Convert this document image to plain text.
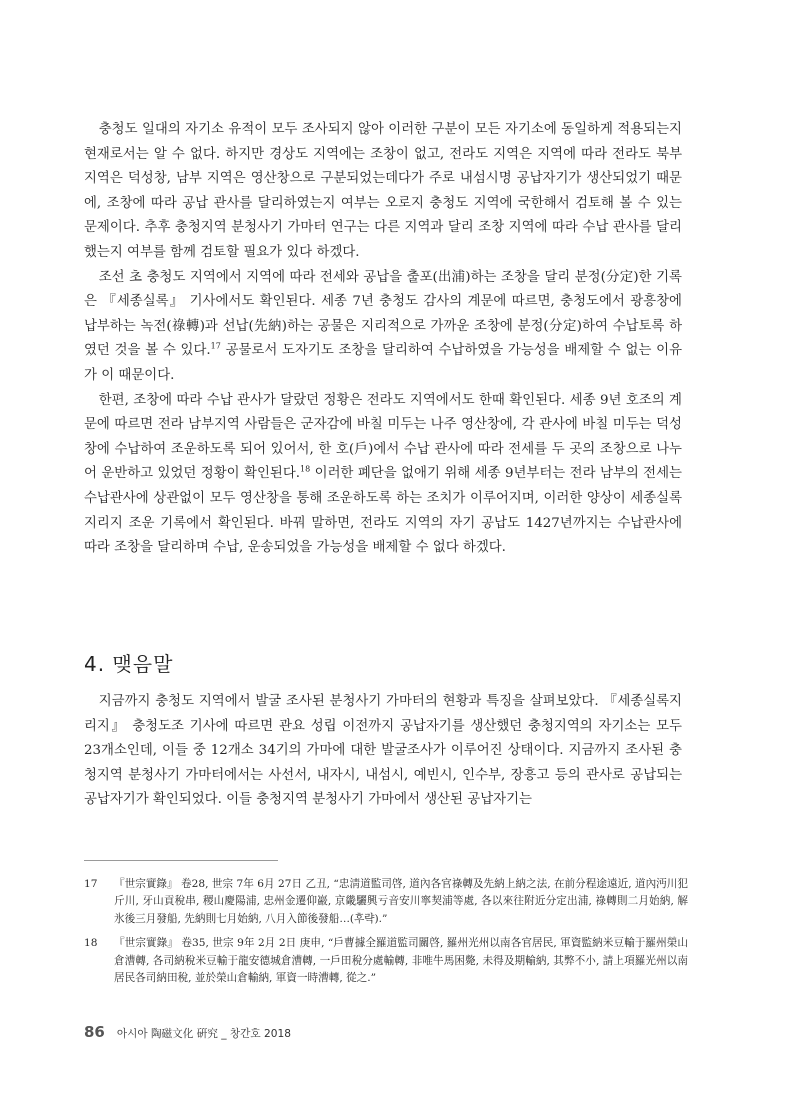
충청도 일대의 자기소 유적이 모두 조사되지 않아 이러한 구분이 모든 자기소에 동일하게 적용되는지 현재로서는 알 수 없다. 하지만 경상도 지역에는 조창이 없고, 전라도 지역은 지역에 따라 전라도 북부 지역은 덕성창, 남부 지역은 영산창으로 구분되었는데다가 주로 내섬시명 공납자기가 생산되었기 때문에, 조창에 따라 공납 관사를 달리하였는지 여부는 오로지 충청도 지역에 국한해서 검토해 볼 수 있는 문제이다. 추후 충청지역 분청사기 가마터 연구는 다른 지역과 달리 조창 지역에 따라 수납 관사를 달리했는지 여부를 함께 검토할 필요가 있다 하겠다.

조선 초 충청도 지역에서 지역에 따라 전세와 공납을 출포(出浦)하는 조창을 달리 분정(分定)한 기록은 『세종실록』 기사에서도 확인된다. 세종 7년 충청도 감사의 계문에 따르면, 충청도에서 광흥창에 납부하는 녹전(祿轉)과 선납(先納)하는 공물은 지리적으로 가까운 조창에 분정(分定)하여 수납토록 하였던 것을 볼 수 있다.$^{17}$ 공물로서 도자기도 조창을 달리하여 수납하였을 가능성을 배제할 수 없는 이유가 이 때문이다.

한편, 조창에 따라 수납 관사가 달랐던 정황은 전라도 지역에서도 한때 확인된다. 세종 9년 호조의 계문에 따르면 전라 남부지역 사람들은 군자감에 바칠 미두는 나주 영산창에, 각 관사에 바칠 미두는 덕성창에 수납하여 조운하도록 되어 있어서, 한 호(戶)에서 수납 관사에 따라 전세를 두 곳의 조창으로 나누어 운반하고 있었던 정황이 확인된다.$^{18}$ 이러한 폐단을 없애기 위해 세종 9년부터는 전라 남부의 전세는 수납관사에 상관없이 모두 영산창을 통해 조운하도록 하는 조치가 이루어지며, 이러한 양상이 세종실록 지리지 조운 기록에서 확인된다. 바꿔 말하면, 전라도 지역의 자기 공납도 1427년까지는 수납관사에 따라 조창을 달리하며 수납, 운송되었을 가능성을 배제할 수 없다 하겠다.

4. 맺음말

지금까지 충청도 지역에서 발굴 조사된 분청사기 가마터의 현황과 특징을 살펴보았다. 『세종실록지리지』 충청도조 기사에 따르면 관요 성립 이전까지 공납자기를 생산했던 충청지역의 자기소는 모두 23개소인데, 이들 중 12개소 34기의 가마에 대한 발굴조사가 이루어진 상태이다. 지금까지 조사된 충청지역 분청사기 가마터에서는 사선서, 내자시, 내섬시, 예빈시, 인수부, 장흥고 등의 관사로 공납되는 공납자기가 확인되었다. 이들 충청지역 분청사기 가마에서 생산된 공납자기는

17	『世宗實錄』 卷28, 世宗 7年 6月 27日 乙丑, “忠淸道監司啓, 道內各官祿轉及先納上納之法, 在前分程途遠近, 道內沔川犯斤川, 牙山貢稅串, 稷山慶陽浦, 忠州金遷仰巖, 京畿驪興亏音安川寧契浦等處, 各以來往附近分定出浦, 祿轉則二月始納, 解氷後三月發船, 先納則七月始納, 八月入節後發船…(후략).”
18	『世宗實錄』 卷35, 世宗 9年 2月 2日 庚申, “戶曹據全羅道監司關啓, 羅州光州以南各官居民, 軍資監納米豆輸于羅州榮山倉漕轉, 各司納稅米豆輸于龍安德城倉漕轉, 一戶田稅分處輸轉, 非唯牛馬困斃, 未得及期輸納, 其弊不小, 請上項羅光州以南居民各司納田稅, 並於榮山倉輸納, 軍資一時漕轉, 從之.”
86 아시아 陶磁文化 硏究 _ 창간호 2018
